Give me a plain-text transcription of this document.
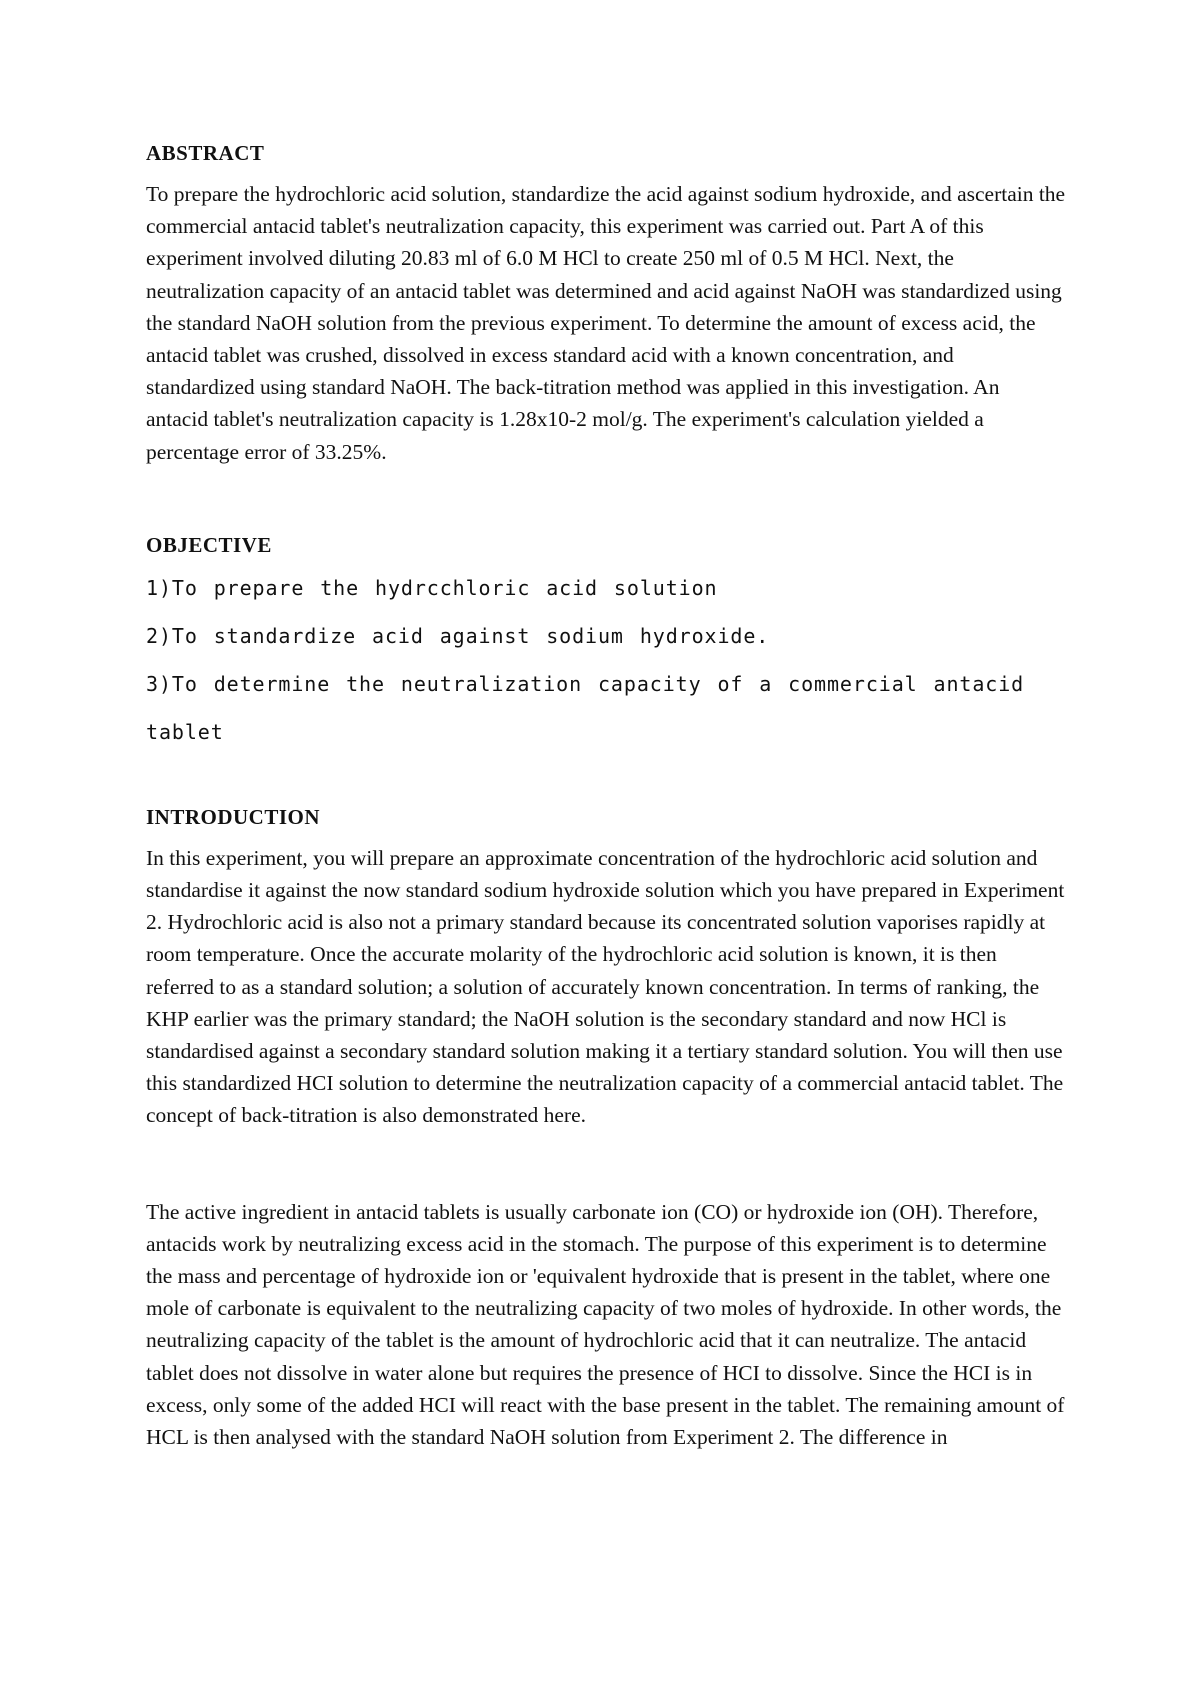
ABSTRACT

To prepare the hydrochloric acid solution, standardize the acid against sodium hydroxide, and ascertain the commercial antacid tablet's neutralization capacity, this experiment was carried out. Part A of this experiment involved diluting 20.83 ml of 6.0 M HCl to create 250 ml of 0.5 M HCl. Next, the neutralization capacity of an antacid tablet was determined and acid against NaOH was standardized using the standard NaOH solution from the previous experiment. To determine the amount of excess acid, the antacid tablet was crushed, dissolved in excess standard acid with a known concentration, and standardized using standard NaOH. The back-titration method was applied in this investigation. An antacid tablet's neutralization capacity is 1.28x10-2 mol/g. The experiment's calculation yielded a percentage error of 33.25%.

OBJECTIVE
1)To prepare the hydrcchloric acid solution
2)To standardize acid against sodium hydroxide.
3)To determine the neutralization capacity of a commercial antacid tablet
INTRODUCTION

In this experiment, you will prepare an approximate concentration of the hydrochloric acid solution and standardise it against the now standard sodium hydroxide solution which you have prepared in Experiment 2. Hydrochloric acid is also not a primary standard because its concentrated solution vaporises rapidly at room temperature. Once the accurate molarity of the hydrochloric acid solution is known, it is then referred to as a standard solution; a solution of accurately known concentration. In terms of ranking, the KHP earlier was the primary standard; the NaOH solution is the secondary standard and now HCl is standardised against a secondary standard solution making it a tertiary standard solution. You will then use this standardized HCI solution to determine the neutralization capacity of a commercial antacid tablet. The concept of back-titration is also demonstrated here.

The active ingredient in antacid tablets is usually carbonate ion (CO) or hydroxide ion (OH). Therefore, antacids work by neutralizing excess acid in the stomach. The purpose of this experiment is to determine the mass and percentage of hydroxide ion or 'equivalent hydroxide that is present in the tablet, where one mole of carbonate is equivalent to the neutralizing capacity of two moles of hydroxide. In other words, the neutralizing capacity of the tablet is the amount of hydrochloric acid that it can neutralize. The antacid tablet does not dissolve in water alone but requires the presence of HCI to dissolve. Since the HCI is in excess, only some of the added HCI will react with the base present in the tablet. The remaining amount of HCL is then analysed with the standard NaOH solution from Experiment 2. The difference in
